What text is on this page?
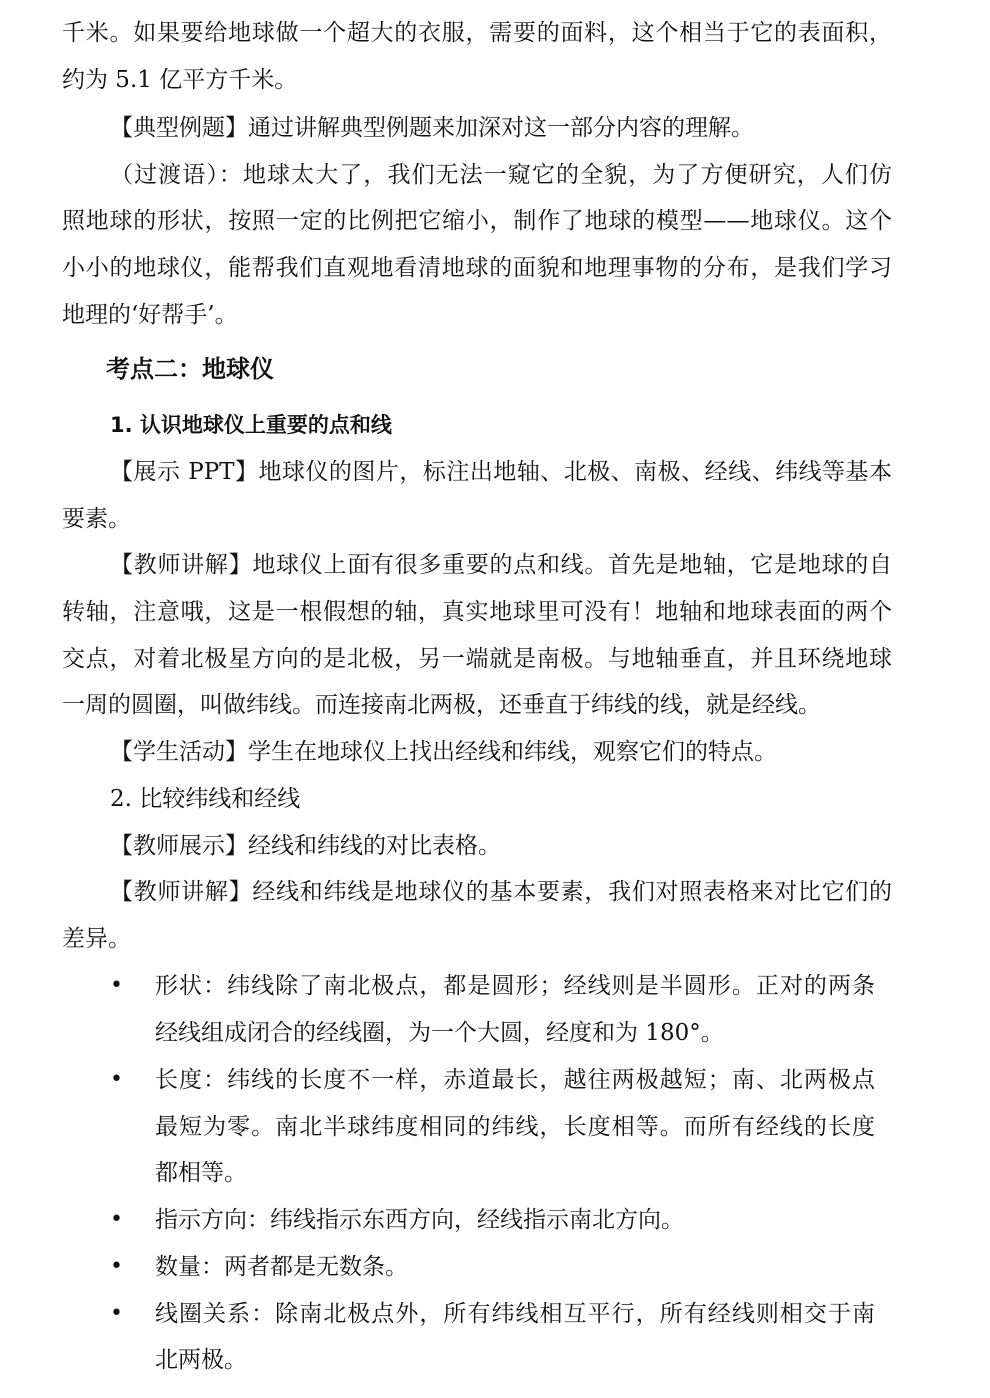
千米。如果要给地球做一个超大的衣服，需要的面料，这个相当于它的表面积，
约为 5.1 亿平方千米。
【典型例题】通过讲解典型例题来加深对这一部分内容的理解。
（过渡语）：地球太大了，我们无法一窥它的全貌，为了方便研究，人们仿
照地球的形状，按照一定的比例把它缩小，制作了地球的模型——地球仪。这个
小小的地球仪，能帮我们直观地看清地球的面貌和地理事物的分布，是我们学习
地理的‘好帮手’。
考点二：地球仪
1. 认识地球仪上重要的点和线
【展示 PPT】地球仪的图片，标注出地轴、北极、南极、经线、纬线等基本
要素。
【教师讲解】地球仪上面有很多重要的点和线。首先是地轴，它是地球的自
转轴，注意哦，这是一根假想的轴，真实地球里可没有！地轴和地球表面的两个
交点，对着北极星方向的是北极，另一端就是南极。与地轴垂直，并且环绕地球
一周的圆圈，叫做纬线。而连接南北两极，还垂直于纬线的线，就是经线。
【学生活动】学生在地球仪上找出经线和纬线，观察它们的特点。
2. 比较纬线和经线
【教师展示】经线和纬线的对比表格。
【教师讲解】经线和纬线是地球仪的基本要素，我们对照表格来对比它们的
差异。
• 形状：纬线除了南北极点，都是圆形；经线则是半圆形。正对的两条
经线组成闭合的经线圈，为一个大圆，经度和为 180°。
• 长度：纬线的长度不一样，赤道最长，越往两极越短；南、北两极点
最短为零。南北半球纬度相同的纬线，长度相等。而所有经线的长度
都相等。
• 指示方向：纬线指示东西方向，经线指示南北方向。
• 数量：两者都是无数条。
• 线圈关系：除南北极点外，所有纬线相互平行，所有经线则相交于南
北两极。
